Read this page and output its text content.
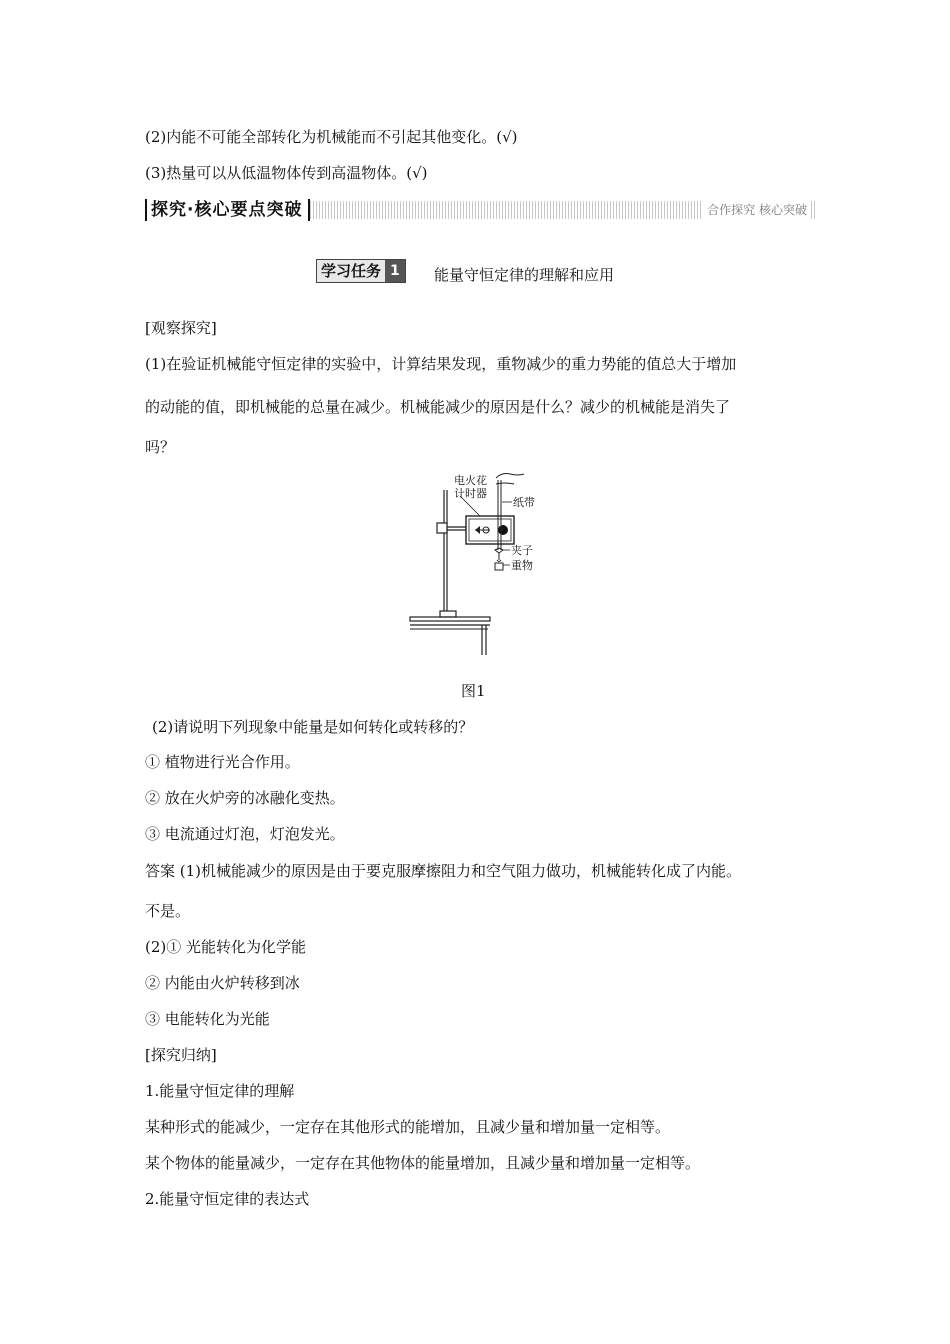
(2)内能不可能全部转化为机械能而不引起其他变化。(√)
(3)热量可以从低温物体传到高温物体。(√)
探究·核心要点突破	合作探究 核心突破
学习任务 1	能量守恒定律的理解和应用
[观察探究]
(1)在验证机械能守恒定律的实验中，计算结果发现，重物减少的重力势能的值总大于增加
的动能的值，即机械能的总量在减少。机械能减少的原因是什么？减少的机械能是消失了
吗？
电火花
计时器
纸带
夹子
重物
图1
(2)请说明下列现象中能量是如何转化或转移的？
① 植物进行光合作用。
② 放在火炉旁的冰融化变热。
③ 电流通过灯泡，灯泡发光。
答案 (1)机械能减少的原因是由于要克服摩擦阻力和空气阻力做功，机械能转化成了内能。
不是。
(2)① 光能转化为化学能
② 内能由火炉转移到冰
③ 电能转化为光能
[探究归纳]
1.能量守恒定律的理解
某种形式的能减少，一定存在其他形式的能增加，且减少量和增加量一定相等。
某个物体的能量减少，一定存在其他物体的能量增加，且减少量和增加量一定相等。
2.能量守恒定律的表达式
